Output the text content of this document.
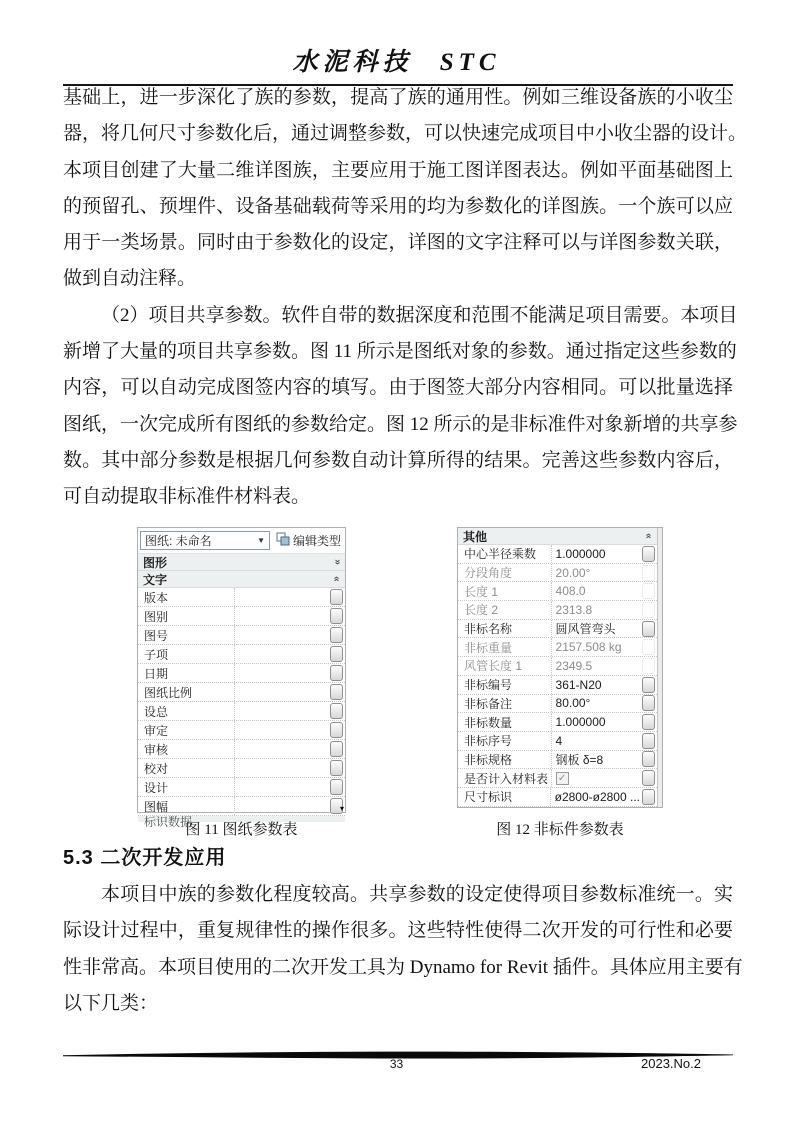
水泥科技 STC
基础上，进一步深化了族的参数，提高了族的通用性。例如三维设备族的小收尘
器，将几何尺寸参数化后，通过调整参数，可以快速完成项目中小收尘器的设计。
本项目创建了大量二维详图族，主要应用于施工图详图表达。例如平面基础图上
的预留孔、预埋件、设备基础载荷等采用的均为参数化的详图族。一个族可以应
用于一类场景。同时由于参数化的设定，详图的文字注释可以与详图参数关联，
做到自动注释。
（2）项目共享参数。软件自带的数据深度和范围不能满足项目需要。本项目
新增了大量的项目共享参数。图 11 所示是图纸对象的参数。通过指定这些参数的
内容，可以自动完成图签内容的填写。由于图签大部分内容相同。可以批量选择
图纸，一次完成所有图纸的参数给定。图 12 所示的是非标准件对象新增的共享参
数。其中部分参数是根据几何参数自动计算所得的结果。完善这些参数内容后，
可自动提取非标准件材料表。
图纸: 未命名	▼ 编辑类型
图形	»
文字	»
版本
图别
图号
子项
日期
图纸比例
设总
审定
审核
校对
设计
图幅
标识数据
▾
其他	»
中心半径乘数	1.000000
分段角度	20.00°
长度 1	408.0
长度 2	2313.8
非标名称	圆风管弯头
非标重量	2157.508 kg
风管长度 1	2349.5
非标编号	361-N20
非标备注	80.00°
非标数量	1.000000
非标序号	4
非标规格	钢板 δ=8
是否计入材料表 ✓
尺寸标识	ø2800-ø2800 ...
图 11 图纸参数表	图 12 非标件参数表
5.3 二次开发应用
本项目中族的参数化程度较高。共享参数的设定使得项目参数标准统一。实
际设计过程中，重复规律性的操作很多。这些特性使得二次开发的可行性和必要
性非常高。本项目使用的二次开发工具为 Dynamo for Revit 插件。具体应用主要有
以下几类：
33	2023.No.2
